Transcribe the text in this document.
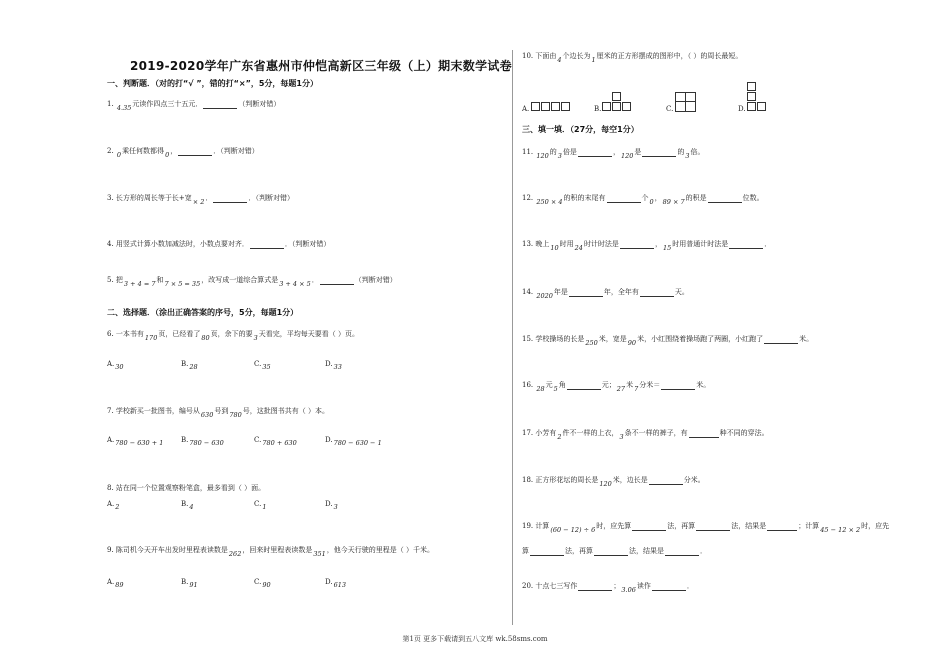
2019-2020学年广东省惠州市仲恺高新区三年级（上）期末数学试卷
一、判断题．（对的打“√ ”，错的打“×”，5分，每题1分）
1. 4.35元读作四点三十五元．	（判断对错）
2. 0乘任何数都得0，	．（判断对错）
3. 长方形的周长等于长+宽× 2．	．（判断对错）
4. 用竖式计算小数加减法时，小数点要对齐．	．（判断对错）
5. 把3 + 4 = 7和7 × 5 = 35，改写成一道综合算式是3 + 4 × 5．	（判断对错）
二、选择题．（涂出正确答案的序号，5分，每题1分）
6. 一本书有170页，已经看了80页，余下的要3天看完，平均每天要看（ ）页。
A.30	B.28	C.35	D.33
7. 学校新买一批图书，编号从630号到780号，这批图书共有（ ）本。
A.780 − 630 + 1	B.780 − 630	C.780 + 630	D.780 − 630 − 1
8. 站在同一个位置观察粉笔盒，最多看到（ ）面。
A.2	B.4	C.1	D.3
9. 陈司机今天开车出发时里程表读数是262，回来时里程表读数是351，他今天行驶的里程是（ ）千米。
A.89	B.91	C.90	D.613
10. 下面由4个边长为1厘米的正方形摆成的图形中，（ ）的周长最短。
A.	B.	C.	D.
三、填一填．（27分，每空1分）
11. 120的3倍是	，120是	的3倍。
12. 250 × 4的积的末尾有	个0，89 × 7的积是	位数。
13. 晚上10时用24时计时法是	，15时用普通计时法是	．
14. 2020年是	年，全年有	天。
15. 学校操场的长是250米，宽是90米，小红围绕着操场跑了两圈，小红跑了	米。
16. 28元5角	元；27米7分米＝	米。
17. 小芳有2件不一样的上衣，3条不一样的裤子，有	种不同的穿法。
18. 正方形花坛的周长是120米，边长是	分米。
19. 计算(60 − 12) ÷ 6时，应先算	法，再算	法，结果是	；计算45 − 12 × 2时，应先
算	法，再算	法，结果是	．
20. 十点七三写作	；3.06读作	．
第1页 更多下载请到五八文库 wk.58sms.com
